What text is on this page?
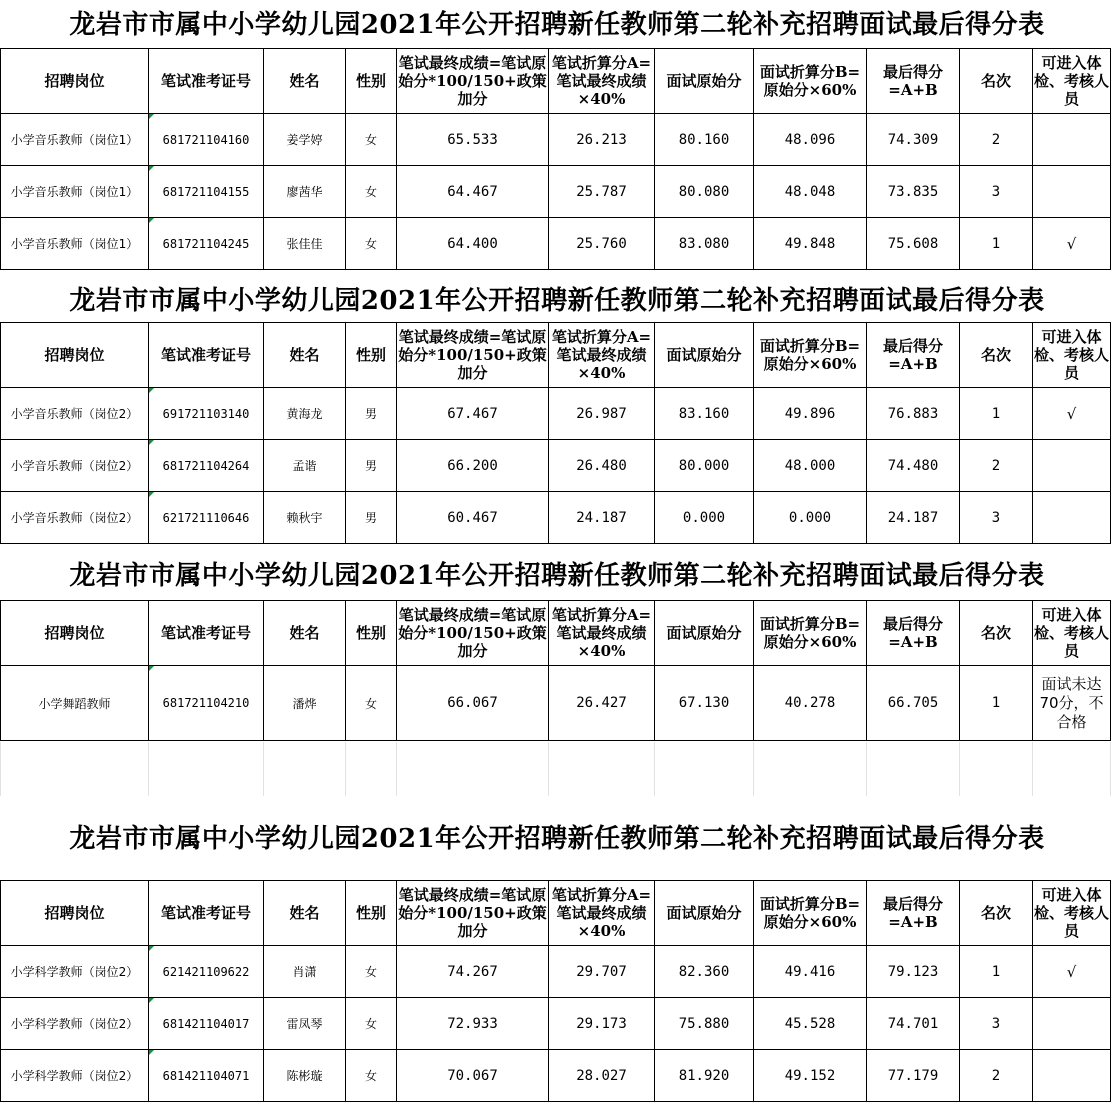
龙岩市市属中小学幼儿园2021年公开招聘新任教师第二轮补充招聘面试最后得分表
招聘岗位	笔试准考证号	姓名	性别	笔试最终成绩=笔试原始分*100/150+政策加分	笔试折算分A=笔试最终成绩×40%	面试原始分	面试折算分B=原始分×60%	最后得分=A+B	名次	可进入体检、考核人员
小学音乐教师（岗位1）	681721104160	姜学婷	女	65.533	26.213	80.160	48.096	74.309	2	
小学音乐教师（岗位1）	681721104155	廖茜华	女	64.467	25.787	80.080	48.048	73.835	3	
小学音乐教师（岗位1）	681721104245	张佳佳	女	64.400	25.760	83.080	49.848	75.608	1	√
龙岩市市属中小学幼儿园2021年公开招聘新任教师第二轮补充招聘面试最后得分表
招聘岗位	笔试准考证号	姓名	性别	笔试最终成绩=笔试原始分*100/150+政策加分	笔试折算分A=笔试最终成绩×40%	面试原始分	面试折算分B=原始分×60%	最后得分=A+B	名次	可进入体检、考核人员
小学音乐教师（岗位2）	691721103140	黄海龙	男	67.467	26.987	83.160	49.896	76.883	1	√
小学音乐教师（岗位2）	681721104264	孟谐	男	66.200	26.480	80.000	48.000	74.480	2	
小学音乐教师（岗位2）	621721110646	赖秋宇	男	60.467	24.187	0.000	0.000	24.187	3	
龙岩市市属中小学幼儿园2021年公开招聘新任教师第二轮补充招聘面试最后得分表
招聘岗位	笔试准考证号	姓名	性别	笔试最终成绩=笔试原始分*100/150+政策加分	笔试折算分A=笔试最终成绩×40%	面试原始分	面试折算分B=原始分×60%	最后得分=A+B	名次	可进入体检、考核人员
小学舞蹈教师	681721104210	潘烨	女	66.067	26.427	67.130	40.278	66.705	1	面试未达70分，不合格

龙岩市市属中小学幼儿园2021年公开招聘新任教师第二轮补充招聘面试最后得分表
招聘岗位	笔试准考证号	姓名	性别	笔试最终成绩=笔试原始分*100/150+政策加分	笔试折算分A=笔试最终成绩×40%	面试原始分	面试折算分B=原始分×60%	最后得分=A+B	名次	可进入体检、考核人员
小学科学教师（岗位2）	621421109622	肖潇	女	74.267	29.707	82.360	49.416	79.123	1	√
小学科学教师（岗位2）	681421104017	雷凤琴	女	72.933	29.173	75.880	45.528	74.701	3	
小学科学教师（岗位2）	681421104071	陈彬璇	女	70.067	28.027	81.920	49.152	77.179	2	
